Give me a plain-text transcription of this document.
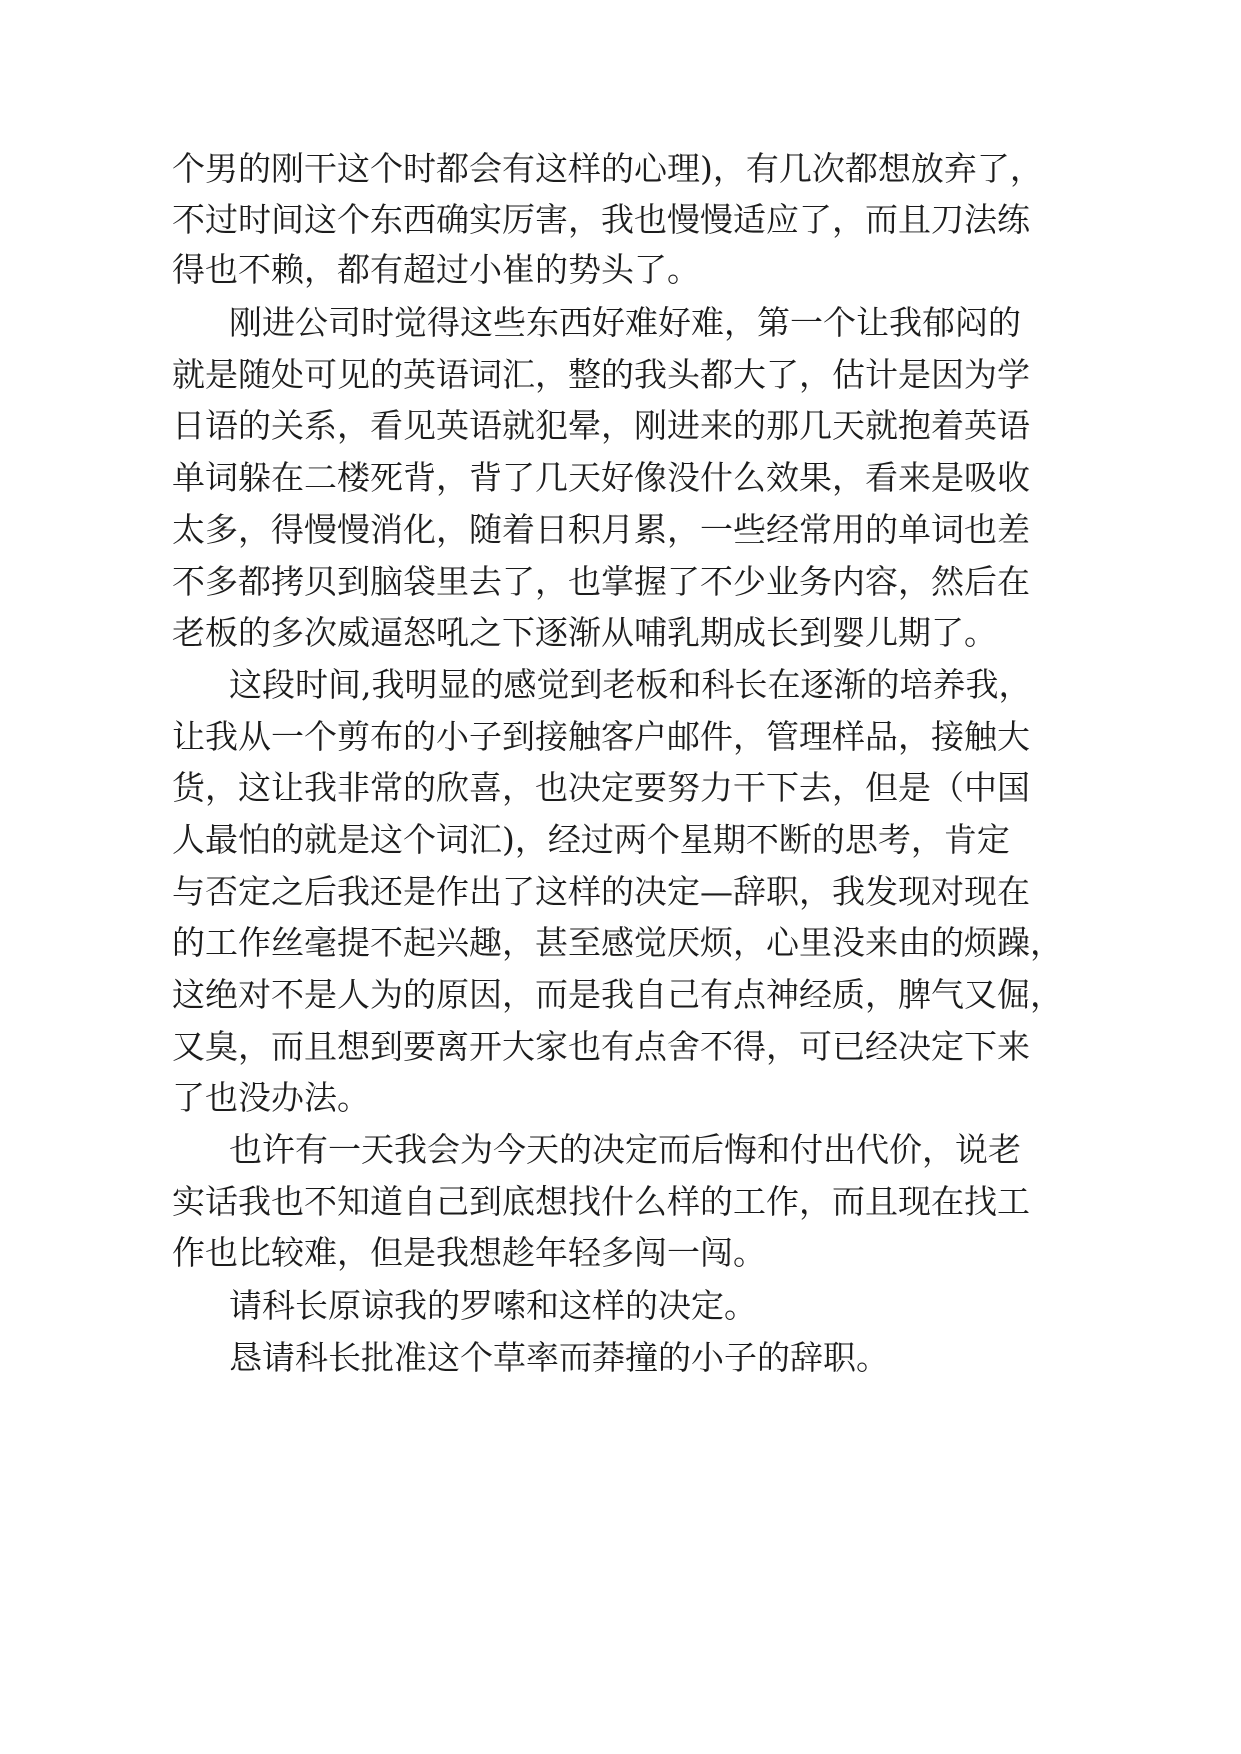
个男的刚干这个时都会有这样的心理)，有几次都想放弃了，
不过时间这个东西确实厉害，我也慢慢适应了，而且刀法练
得也不赖，都有超过小崔的势头了。
刚进公司时觉得这些东西好难好难，第一个让我郁闷的
就是随处可见的英语词汇，整的我头都大了，估计是因为学
日语的关系，看见英语就犯晕，刚进来的那几天就抱着英语
单词躲在二楼死背，背了几天好像没什么效果，看来是吸收
太多，得慢慢消化，随着日积月累，一些经常用的单词也差
不多都拷贝到脑袋里去了，也掌握了不少业务内容，然后在
老板的多次威逼怒吼之下逐渐从哺乳期成长到婴儿期了。
这段时间,我明显的感觉到老板和科长在逐渐的培养我，
让我从一个剪布的小子到接触客户邮件，管理样品，接触大
货，这让我非常的欣喜，也决定要努力干下去，但是（中国
人最怕的就是这个词汇)，经过两个星期不断的思考，肯定
与否定之后我还是作出了这样的决定—辞职，我发现对现在
的工作丝毫提不起兴趣，甚至感觉厌烦，心里没来由的烦躁，
这绝对不是人为的原因，而是我自己有点神经质，脾气又倔，
又臭，而且想到要离开大家也有点舍不得，可已经决定下来
了也没办法。
也许有一天我会为今天的决定而后悔和付出代价，说老
实话我也不知道自己到底想找什么样的工作，而且现在找工
作也比较难，但是我想趁年轻多闯一闯。
请科长原谅我的罗嗦和这样的决定。
恳请科长批准这个草率而莽撞的小子的辞职。
